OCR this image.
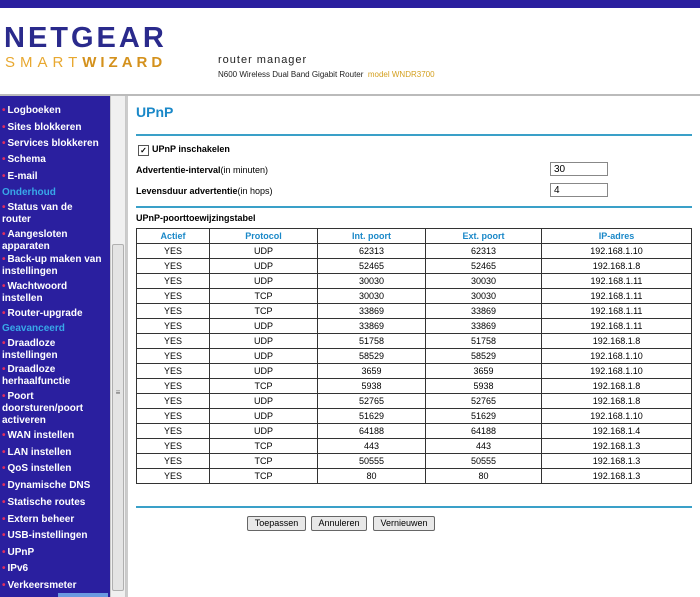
NETGEAR
SMARTWIZARD	router manager
N600 Wireless Dual Band Gigabit Router model WNDR3700

• Logboeken
• Sites blokkeren
• Services blokkeren
• Schema
• E-mail
Onderhoud
• Status van de
router
• Aangesloten
apparaten
• Back-up maken van
instellingen
• Wachtwoord
instellen
• Router-upgrade
Geavanceerd
• Draadloze
instellingen
• Draadloze
herhaalfunctie
• Poort
doorsturen/poort
activeren
• WAN instellen
• LAN instellen
• QoS instellen
• Dynamische DNS
• Statische routes
• Extern beheer
• USB-instellingen
• UPnP
• IPv6
• Verkeersmeter
≡
UPnP
✓ UPnP inschakelen
Advertentie-interval(in minuten)	30
Levensduur advertentie(in hops)	4
UPnP-poorttoewijzingstabel
Actief	Protocol	Int. poort	Ext. poort	IP-adres
YES	UDP	62313	62313	192.168.1.10
YES	UDP	52465	52465	192.168.1.8
YES	UDP	30030	30030	192.168.1.11
YES	TCP	30030	30030	192.168.1.11
YES	TCP	33869	33869	192.168.1.11
YES	UDP	33869	33869	192.168.1.11
YES	UDP	51758	51758	192.168.1.8
YES	UDP	58529	58529	192.168.1.10
YES	UDP	3659	3659	192.168.1.10
YES	TCP	5938	5938	192.168.1.8
YES	UDP	52765	52765	192.168.1.8
YES	UDP	51629	51629	192.168.1.10
YES	UDP	64188	64188	192.168.1.4
YES	TCP	443	443	192.168.1.3
YES	TCP	50555	50555	192.168.1.3
YES	TCP	80	80	192.168.1.3
Toepassen	Annuleren	Vernieuwen
